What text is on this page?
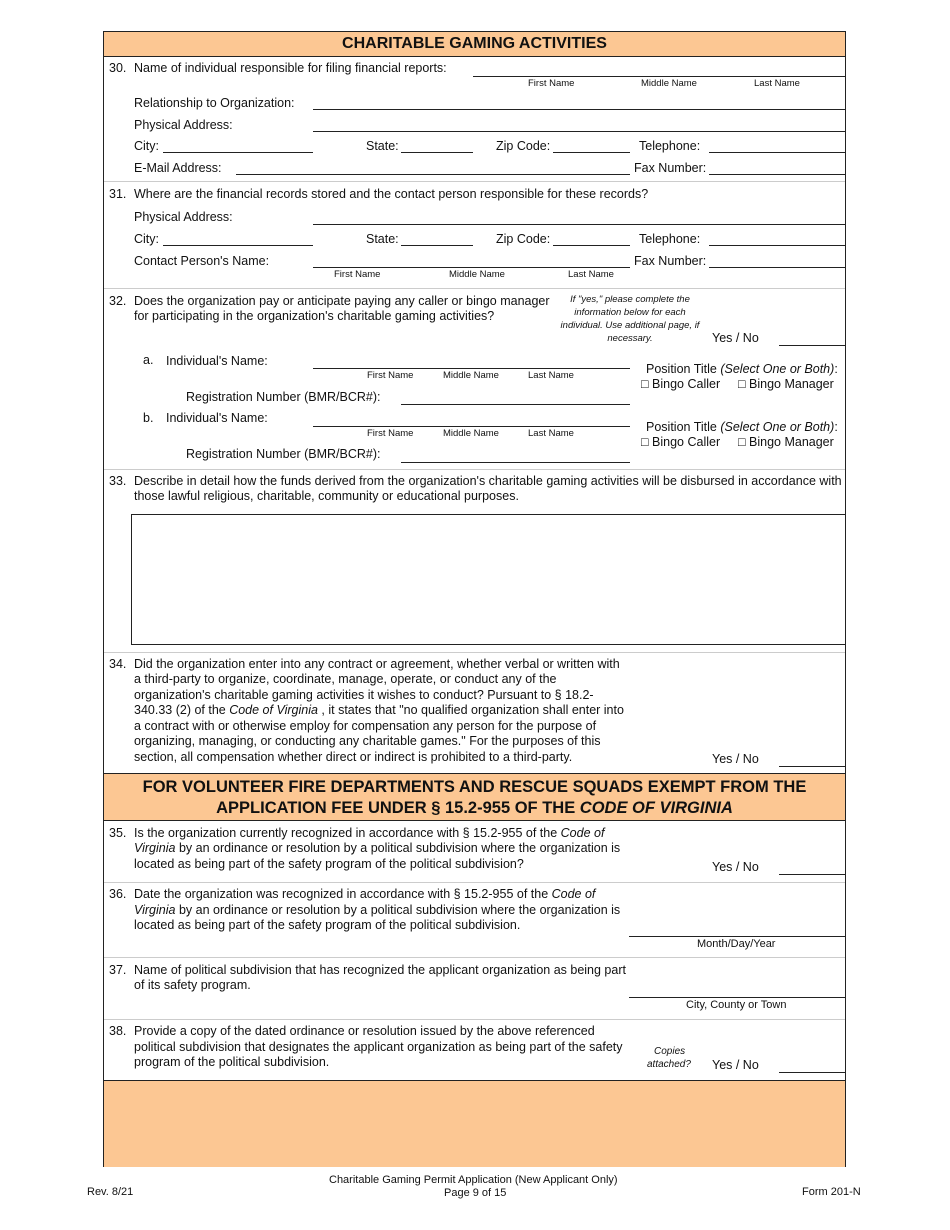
CHARITABLE GAMING ACTIVITIES
30. Name of individual responsible for filing financial reports:
First Name	Middle Name	Last Name
Relationship to Organization:
Physical Address:
City:	State:	Zip Code:	Telephone:
E-Mail Address:	Fax Number:
31. Where are the financial records stored and the contact person responsible for these records?
Physical Address:
City:	State:	Zip Code:	Telephone:
Contact Person's Name:	Fax Number:
First Name	Middle Name	Last Name
32. Does the organization pay or anticipate paying any caller or bingo manager
for participating in the organization's charitable gaming activities?
If "yes," please complete the information below for each individual. Use additional page, if necessary.	Yes / No
a. Individual's Name:
First Name	Middle Name	Last Name	Position Title (Select One or Both):
□ Bingo Caller □ Bingo Manager
Registration Number (BMR/BCR#):
b. Individual's Name:
First Name	Middle Name	Last Name	Position Title (Select One or Both):
□ Bingo Caller □ Bingo Manager
Registration Number (BMR/BCR#):
33. Describe in detail how the funds derived from the organization's charitable gaming activities will be disbursed in accordance with
those lawful religious, charitable, community or educational purposes.
34. Did the organization enter into any contract or agreement, whether verbal or written with
a third-party to organize, coordinate, manage, operate, or conduct any of the
organization's charitable gaming activities it wishes to conduct? Pursuant to § 18.2-
340.33 (2) of the Code of Virginia , it states that "no qualified organization shall enter into
a contract with or otherwise employ for compensation any person for the purpose of
organizing, managing, or conducting any charitable games." For the purposes of this
section, all compensation whether direct or indirect is prohibited to a third-party.	Yes / No
FOR VOLUNTEER FIRE DEPARTMENTS AND RESCUE SQUADS EXEMPT FROM THE
APPLICATION FEE UNDER § 15.2-955 OF THE CODE OF VIRGINIA
35. Is the organization currently recognized in accordance with § 15.2-955 of the Code of
Virginia by an ordinance or resolution by a political subdivision where the organization is
located as being part of the safety program of the political subdivision?	Yes / No
36. Date the organization was recognized in accordance with § 15.2-955 of the Code of
Virginia by an ordinance or resolution by a political subdivision where the organization is
located as being part of the safety program of the political subdivision.
Month/Day/Year
37. Name of political subdivision that has recognized the applicant organization as being part
of its safety program.
City, County or Town
38. Provide a copy of the dated ordinance or resolution issued by the above referenced
political subdivision that designates the applicant organization as being part of the safety
program of the political subdivision.
Copies
attached? Yes / No
Rev. 8/21
Charitable Gaming Permit Application (New Applicant Only)
Page 9 of 15	Form 201-N
